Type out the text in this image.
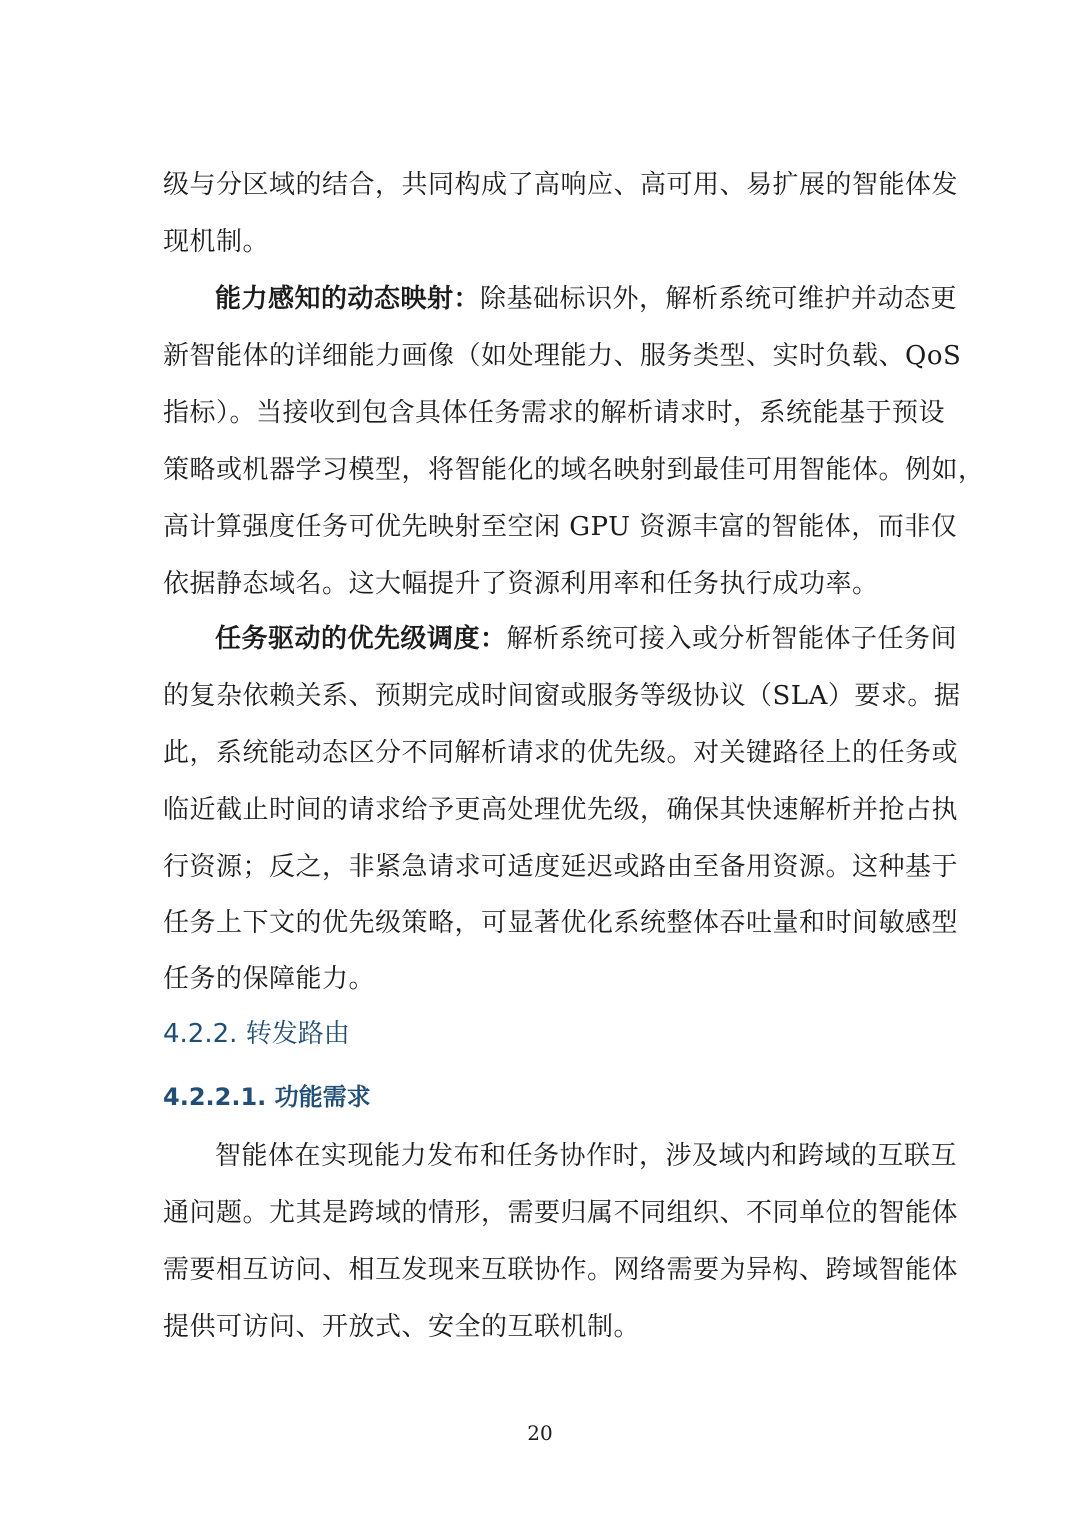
级与分区域的结合，共同构成了高响应、高可用、易扩展的智能体发
现机制。
能力感知的动态映射：除基础标识外，解析系统可维护并动态更
新智能体的详细能力画像（如处理能力、服务类型、实时负载、QoS
指标）。当接收到包含具体任务需求的解析请求时，系统能基于预设
策略或机器学习模型，将智能化的域名映射到最佳可用智能体。例如，
高计算强度任务可优先映射至空闲 GPU 资源丰富的智能体，而非仅
依据静态域名。这大幅提升了资源利用率和任务执行成功率。
任务驱动的优先级调度：解析系统可接入或分析智能体子任务间
的复杂依赖关系、预期完成时间窗或服务等级协议（SLA）要求。据
此，系统能动态区分不同解析请求的优先级。对关键路径上的任务或
临近截止时间的请求给予更高处理优先级，确保其快速解析并抢占执
行资源；反之，非紧急请求可适度延迟或路由至备用资源。这种基于
任务上下文的优先级策略，可显著优化系统整体吞吐量和时间敏感型
任务的保障能力。
4.2.2. 转发路由
4.2.2.1. 功能需求
智能体在实现能力发布和任务协作时，涉及域内和跨域的互联互
通问题。尤其是跨域的情形，需要归属不同组织、不同单位的智能体
需要相互访问、相互发现来互联协作。网络需要为异构、跨域智能体
提供可访问、开放式、安全的互联机制。
20
